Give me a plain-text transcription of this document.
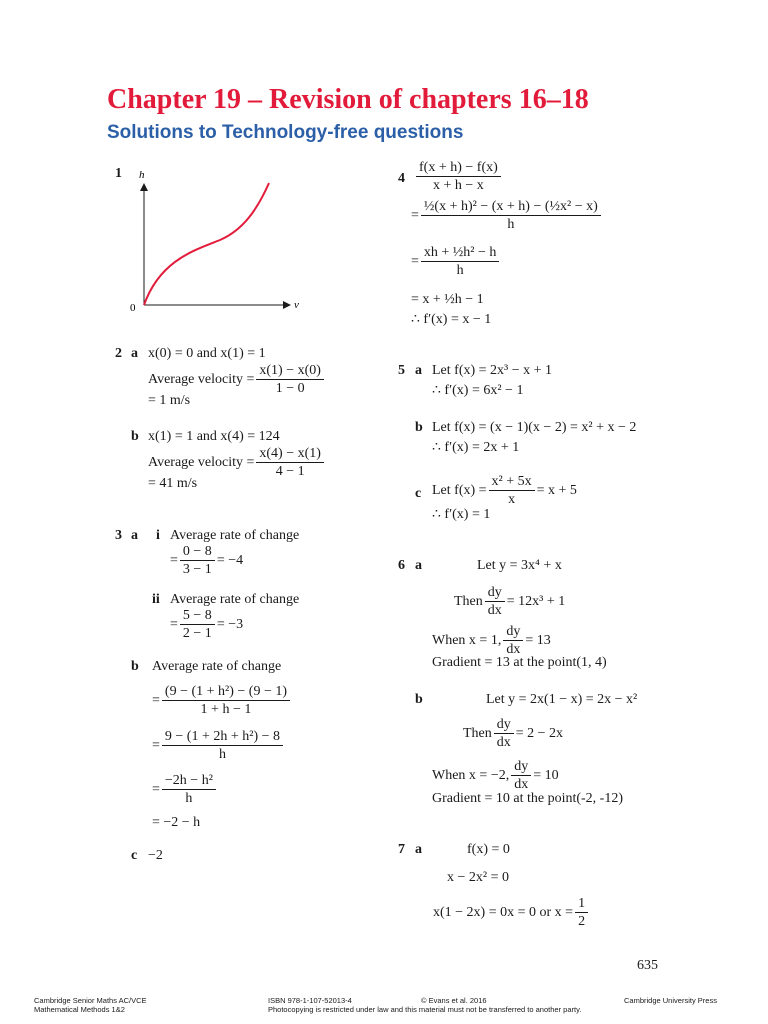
Chapter 19 – Revision of chapters 16–18
Solutions to Technology-free questions
1 h
v
0
2 a x(0) = 0 and x(1) = 1
Average velocity = $\frac{x(1) - x(0)}{1 - 0}$
= 1 m/s
b x(1) = 1 and x(4) = 124
Average velocity = $\frac{x(4) - x(1)}{4 - 1}$
= 41 m/s
3 a i Average rate of change
= $\frac{0 - 8}{3 - 1} = -4$
ii Average rate of change
= $\frac{5 - 8}{2 - 1} = -3$
b Average rate of change
= $\frac{\text{(9 − (1 + h²) − (9 − 1)}}{1 + h - 1}$
= $\frac{\text{9 − (1 + 2h + h²) − 8}}{h}$
= $\frac{\text{−2h − h²}}{h}$
= −2 − h
c −2
$4 \frac{f(x + h) - f(x)}{x + h - x}$
= $\frac{\text{½(x + h)² − (x + h) − (½x² − x)}}{h}$
= $\frac{\text{xh + ½h² − h}}{h}$
= x + ½h − 1
∴ f′(x) = x − 1
5 a Let f(x) = 2x³ − x + 1
∴ f′(x) = 6x² − 1
b Let f(x) = (x − 1)(x − 2) = x² + x − 2
∴ f′(x) = 2x + 1
c Let $f(x) = \frac{\text{x² + 5x}}{x} = x + 5$
∴ f′(x) = 1
6 a	Let y = 3x⁴ + x
Then $\frac{dy}{dx} = 12x^3 + 1$
When x = 1, $\frac{dy}{dx} = 13$
Gradient = 13 at the point(1, 4)
b	Let y = 2x(1 − x) = 2x − x²
Then $\frac{dy}{dx} = 2 - 2x$
When x = −2, $\frac{dy}{dx} = 10$
Gradient = 10 at the point(-2, -12)
7 a	f(x) = 0
x − 2x² = 0
x(1 − 2x) = 0x = 0 or $x = \frac{1}{2}$
635
Cambridge Senior Maths AC/VCE
Mathematical Methods 1&2
ISBN 978-1-107-52013-4	© Evans et al. 2016
Photocopying is restricted under law and this material must not be transferred to another party.
Cambridge University Press
